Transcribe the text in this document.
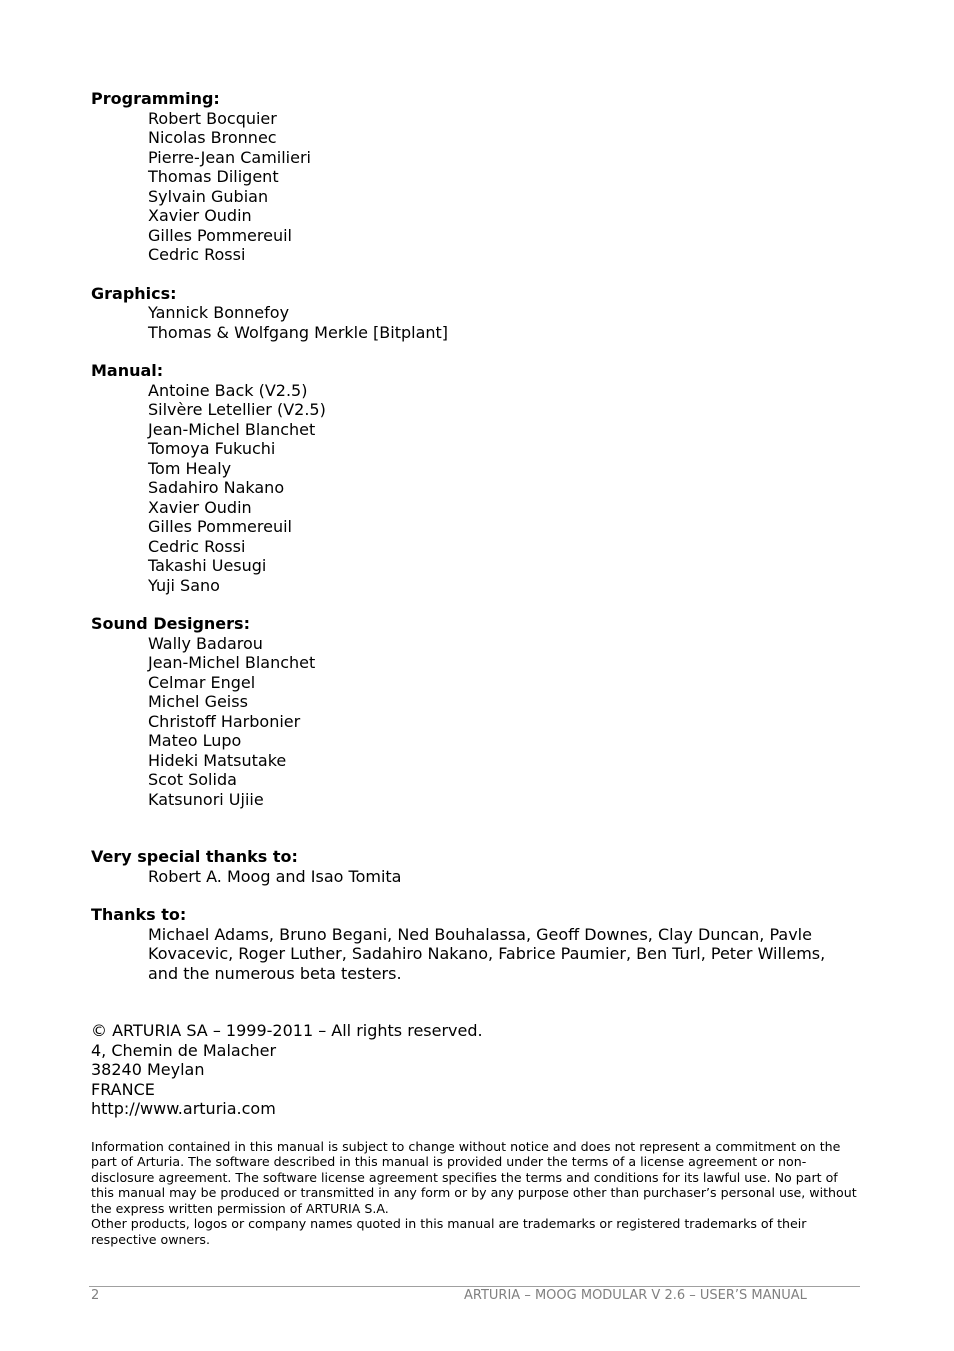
Programming:
Robert Bocquier
Nicolas Bronnec
Pierre-Jean Camilieri
Thomas Diligent
Sylvain Gubian
Xavier Oudin
Gilles Pommereuil
Cedric Rossi
Graphics:
Yannick Bonnefoy
Thomas & Wolfgang Merkle [Bitplant]
Manual:
Antoine Back (V2.5)
Silvère Letellier (V2.5)
Jean-Michel Blanchet
Tomoya Fukuchi
Tom Healy
Sadahiro Nakano
Xavier Oudin
Gilles Pommereuil
Cedric Rossi
Takashi Uesugi
Yuji Sano
Sound Designers:
Wally Badarou
Jean-Michel Blanchet
Celmar Engel
Michel Geiss
Christoff Harbonier
Mateo Lupo
Hideki Matsutake
Scot Solida
Katsunori Ujiie
Very special thanks to:
Robert A. Moog and Isao Tomita
Thanks to:
Michael Adams, Bruno Begani, Ned Bouhalassa, Geoff Downes, Clay Duncan, Pavle Kovacevic, Roger Luther, Sadahiro Nakano, Fabrice Paumier, Ben Turl, Peter Willems, and the numerous beta testers.
© ARTURIA SA – 1999-2011 – All rights reserved.
4, Chemin de Malacher
38240 Meylan
FRANCE
http://www.arturia.com
Information contained in this manual is subject to change without notice and does not represent a commitment on the part of Arturia. The software described in this manual is provided under the terms of a license agreement or non-disclosure agreement. The software license agreement specifies the terms and conditions for its lawful use. No part of this manual may be produced or transmitted in any form or by any purpose other than purchaser’s personal use, without the express written permission of ARTURIA S.A.
Other products, logos or company names quoted in this manual are trademarks or registered trademarks of their respective owners.
2	ARTURIA – MOOG MODULAR V 2.6 – USER’S MANUAL
